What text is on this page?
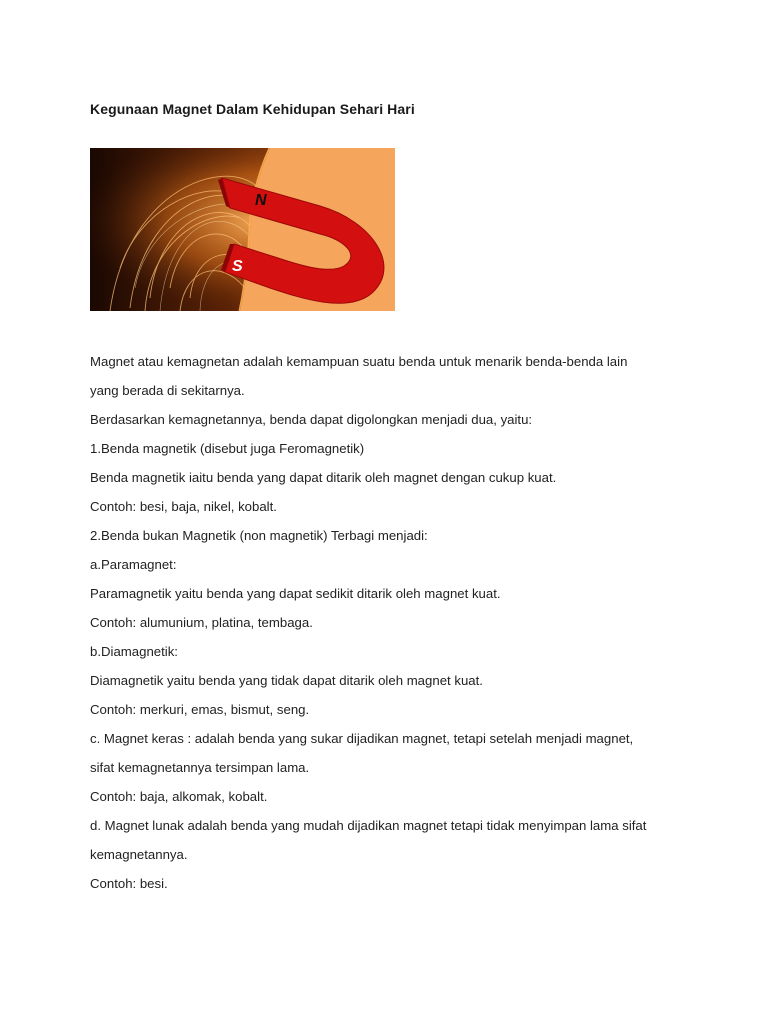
Kegunaan Magnet Dalam Kehidupan Sehari Hari
N
S
Magnet atau kemagnetan adalah kemampuan suatu benda untuk menarik benda-benda lain
yang berada di sekitarnya.
Berdasarkan kemagnetannya, benda dapat digolongkan menjadi dua, yaitu:
1.Benda magnetik (disebut juga Feromagnetik)
Benda magnetik iaitu benda yang dapat ditarik oleh magnet dengan cukup kuat.
Contoh: besi, baja, nikel, kobalt.
2.Benda bukan Magnetik (non magnetik) Terbagi menjadi:
a.Paramagnet:
Paramagnetik yaitu benda yang dapat sedikit ditarik oleh magnet kuat.
Contoh: alumunium, platina, tembaga.
b.Diamagnetik:
Diamagnetik yaitu benda yang tidak dapat ditarik oleh magnet kuat.
Contoh: merkuri, emas, bismut, seng.
c. Magnet keras : adalah benda yang sukar dijadikan magnet, tetapi setelah menjadi magnet,
sifat kemagnetannya tersimpan lama.
Contoh: baja, alkomak, kobalt.
d. Magnet lunak adalah benda yang mudah dijadikan magnet tetapi tidak menyimpan lama sifat
kemagnetannya.
Contoh: besi.
